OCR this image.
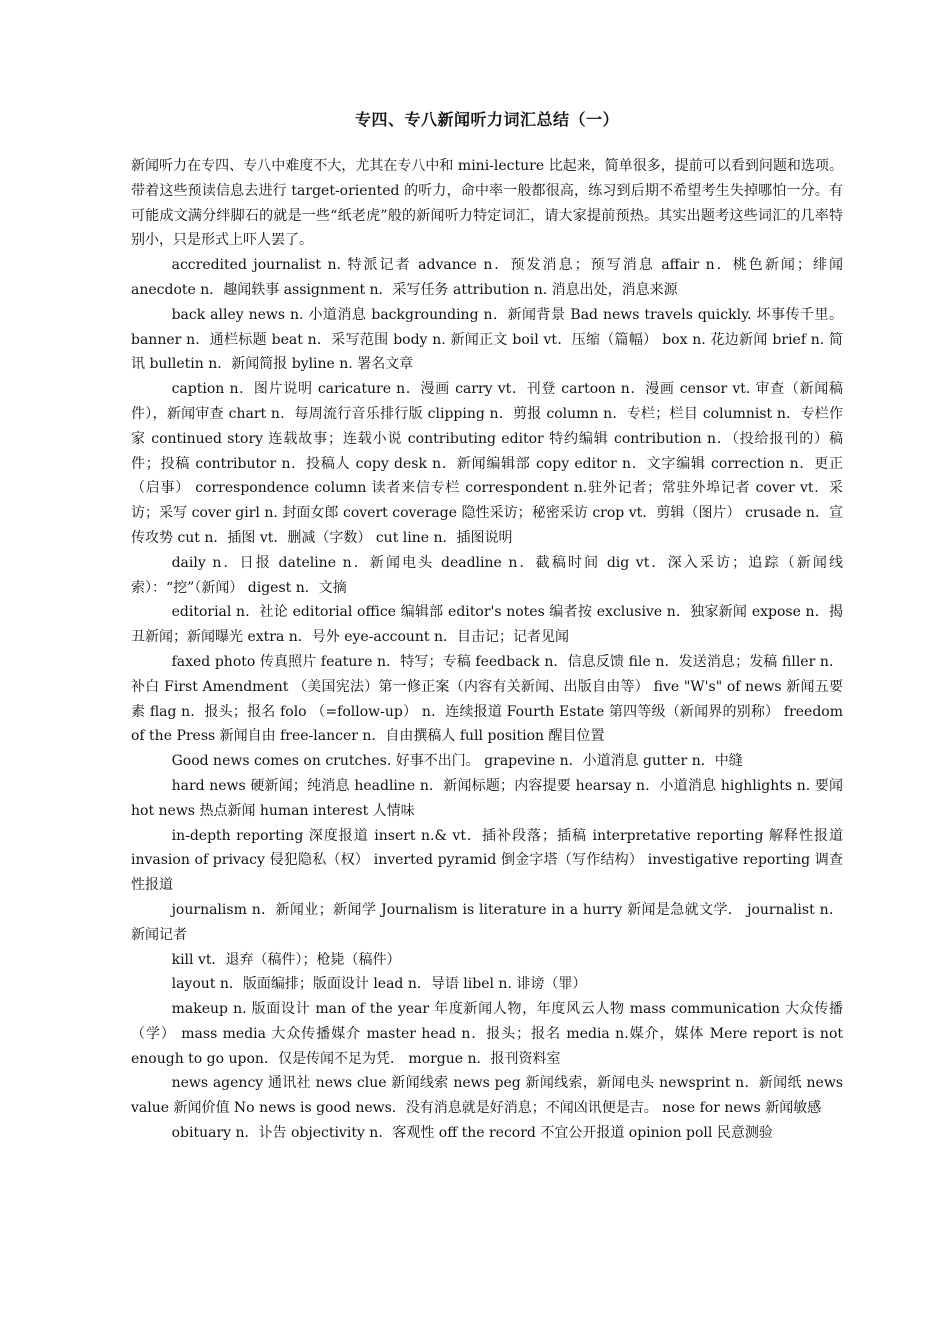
专四、专八新闻听力词汇总结（一）

新闻听力在专四、专八中难度不大，尤其在专八中和 mini-lecture 比起来，简单很多，提前可以看到问题和选项。带着这些预读信息去进行 target-oriented 的听力，命中率一般都很高，练习到后期不希望考生失掉哪怕一分。有可能成文满分绊脚石的就是一些“纸老虎”般的新闻听力特定词汇，请大家提前预热。其实出题考这些词汇的几率特别小，只是形式上吓人罢了。

accredited journalist n. 特派记者 advance n．预发消息；预写消息 affair n．桃色新闻；绯闻 anecdote n．趣闻轶事 assignment n．采写任务 attribution n. 消息出处，消息来源

back alley news n. 小道消息 backgrounding n．新闻背景 Bad news travels quickly. 坏事传千里。 banner n．通栏标题 beat n．采写范围 body n. 新闻正文 boil vt．压缩（篇幅） box n. 花边新闻 brief n. 简讯 bulletin n．新闻简报 byline n. 署名文章

caption n．图片说明 caricature n．漫画 carry vt．刊登 cartoon n．漫画 censor vt. 审查（新闻稿件），新闻审查 chart n．每周流行音乐排行版 clipping n．剪报 column n．专栏；栏目 columnist n．专栏作家 continued story 连载故事；连载小说 contributing editor 特约编辑 contribution n．（投给报刊的）稿件；投稿 contributor n．投稿人 copy desk n．新闻编辑部 copy editor n．文字编辑 correction n．更正（启事） correspondence column 读者来信专栏 correspondent n.驻外记者；常驻外埠记者 cover vt．采访；采写 cover girl n. 封面女郎 covert coverage 隐性采访；秘密采访 crop vt．剪辑（图片） crusade n．宣传攻势 cut n．插图 vt．删减（字数） cut line n．插图说明

daily n．日报 dateline n．新闻电头 deadline n．截稿时间 dig vt．深入采访；追踪（新闻线索）：“挖”（新闻） digest n．文摘

editorial n．社论 editorial office 编辑部 editor's notes 编者按 exclusive n．独家新闻 expose n．揭丑新闻；新闻曝光 extra n．号外 eye-account n．目击记；记者见闻

faxed photo 传真照片 feature n．特写；专稿 feedback n．信息反馈 file n．发送消息；发稿 filler n．补白 First Amendment （美国宪法）第一修正案（内容有关新闻、出版自由等） five "W's" of news 新闻五要素 flag n．报头；报名 folo （=follow-up） n．连续报道 Fourth Estate 第四等级（新闻界的别称） freedom of the Press 新闻自由 free-lancer n．自由撰稿人 full position 醒目位置

Good news comes on crutches. 好事不出门。 grapevine n．小道消息 gutter n．中缝

hard news 硬新闻；纯消息 headline n．新闻标题；内容提要 hearsay n．小道消息 highlights n. 要闻 hot news 热点新闻 human interest 人情味

in-depth reporting 深度报道 insert n.& vt．插补段落；插稿 interpretative reporting 解释性报道 invasion of privacy 侵犯隐私（权） inverted pyramid 倒金字塔（写作结构） investigative reporting 调查性报道

journalism n．新闻业；新闻学 Journalism is literature in a hurry 新闻是急就文学． journalist n．新闻记者

kill vt．退弃（稿件）；枪毙（稿件）

layout n．版面编排；版面设计 lead n．导语 libel n. 诽谤（罪）

makeup n. 版面设计 man of the year 年度新闻人物，年度风云人物 mass communication 大众传播（学） mass media 大众传播媒介 master head n．报头；报名 media n.媒介，媒体 Mere report is not enough to go upon．仅是传闻不足为凭． morgue n．报刊资料室

news agency 通讯社 news clue 新闻线索 news peg 新闻线索，新闻电头 newsprint n．新闻纸 news value 新闻价值 No news is good news．没有消息就是好消息；不闻凶讯便是吉。 nose for news 新闻敏感

obituary n．讣告 objectivity n．客观性 off the record 不宜公开报道 opinion poll 民意测验
